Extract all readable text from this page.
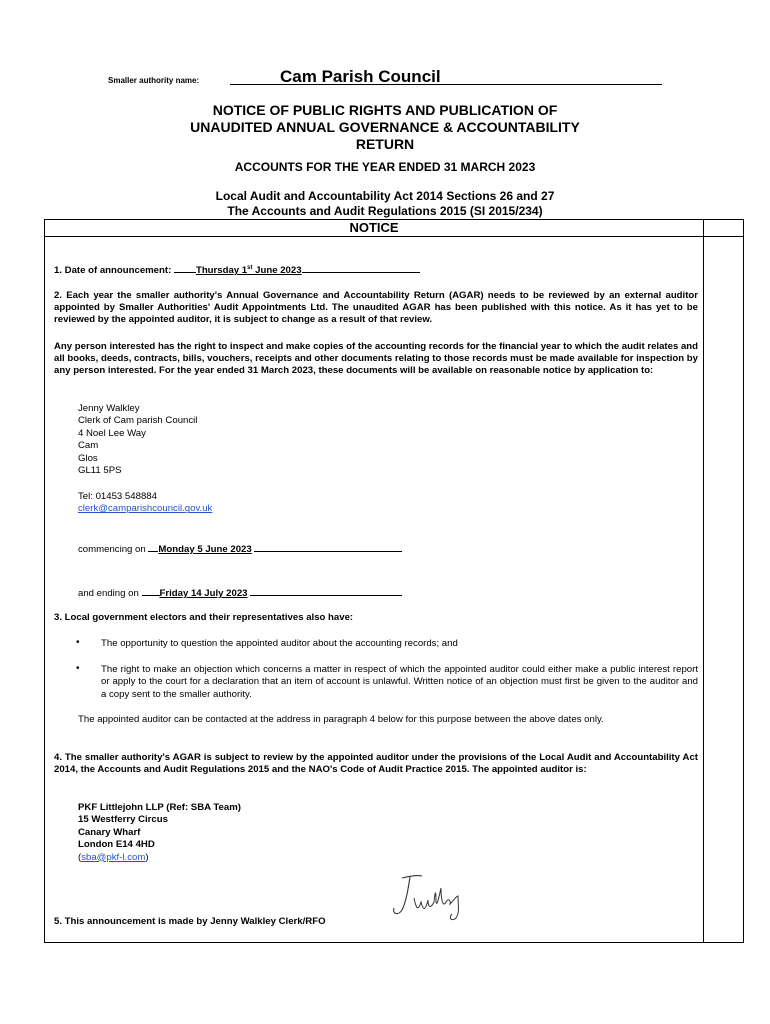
Smaller authority name:	Cam Parish Council
NOTICE OF PUBLIC RIGHTS AND PUBLICATION OF
UNAUDITED ANNUAL GOVERNANCE & ACCOUNTABILITY
RETURN
ACCOUNTS FOR THE YEAR ENDED 31 MARCH 2023
Local Audit and Accountability Act 2014 Sections 26 and 27
The Accounts and Audit Regulations 2015 (SI 2015/234)
NOTICE
1. Date of announcement:	Thursday 1st June 2023
2. Each year the smaller authority's Annual Governance and Accountability Return (AGAR) needs to be reviewed by an external auditor appointed by Smaller Authorities' Audit Appointments Ltd. The unaudited AGAR has been published with this notice. As it has yet to be reviewed by the appointed auditor, it is subject to change as a result of that review.
Any person interested has the right to inspect and make copies of the accounting records for the financial year to which the audit relates and all books, deeds, contracts, bills, vouchers, receipts and other documents relating to those records must be made available for inspection by any person interested. For the year ended 31 March 2023, these documents will be available on reasonable notice by application to:
Jenny Walkley
Clerk of Cam parish Council
4 Noel Lee Way
Cam
Glos
GL11 5PS
Tel: 01453 548884
clerk@camparishcouncil.gov.uk
commencing on Monday 5 June 2023
and ending on Friday 14 July 2023
3. Local government electors and their representatives also have:
• The opportunity to question the appointed auditor about the accounting records; and
• The right to make an objection which concerns a matter in respect of which the appointed auditor could either make a public interest report or apply to the court for a declaration that an item of account is unlawful. Written notice of an objection must first be given to the auditor and a copy sent to the smaller authority.
The appointed auditor can be contacted at the address in paragraph 4 below for this purpose between the above dates only.
4. The smaller authority's AGAR is subject to review by the appointed auditor under the provisions of the Local Audit and Accountability Act 2014, the Accounts and Audit Regulations 2015 and the NAO's Code of Audit Practice 2015. The appointed auditor is:
PKF Littlejohn LLP (Ref: SBA Team)
15 Westferry Circus
Canary Wharf
London E14 4HD
(sba@pkf-l.com)
5. This announcement is made by Jenny Walkley Clerk/RFO
